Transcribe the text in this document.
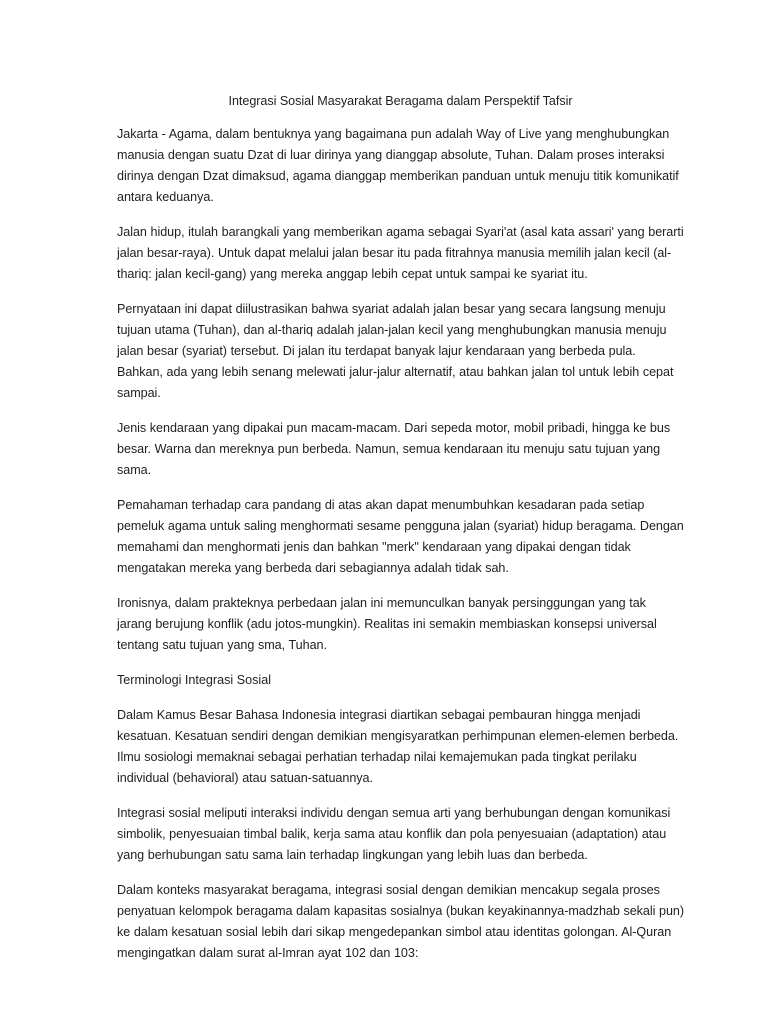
Integrasi Sosial Masyarakat Beragama dalam Perspektif Tafsir

Jakarta - Agama, dalam bentuknya yang bagaimana pun adalah Way of Live yang menghubungkan manusia dengan suatu Dzat di luar dirinya yang dianggap absolute, Tuhan. Dalam proses interaksi dirinya dengan Dzat dimaksud, agama dianggap memberikan panduan untuk menuju titik komunikatif antara keduanya.

Jalan hidup, itulah barangkali yang memberikan agama sebagai Syari'at (asal kata assari' yang berarti jalan besar-raya). Untuk dapat melalui jalan besar itu pada fitrahnya manusia memilih jalan kecil (al-thariq: jalan kecil-gang) yang mereka anggap lebih cepat untuk sampai ke syariat itu.

Pernyataan ini dapat diilustrasikan bahwa syariat adalah jalan besar yang secara langsung menuju tujuan utama (Tuhan), dan al-thariq adalah jalan-jalan kecil yang menghubungkan manusia menuju jalan besar (syariat) tersebut. Di jalan itu terdapat banyak lajur kendaraan yang berbeda pula. Bahkan, ada yang lebih senang melewati jalur-jalur alternatif, atau bahkan jalan tol untuk lebih cepat sampai.

Jenis kendaraan yang dipakai pun macam-macam. Dari sepeda motor, mobil pribadi, hingga ke bus besar. Warna dan mereknya pun berbeda. Namun, semua kendaraan itu menuju satu tujuan yang sama.

Pemahaman terhadap cara pandang di atas akan dapat menumbuhkan kesadaran pada setiap pemeluk agama untuk saling menghormati sesame pengguna jalan (syariat) hidup beragama. Dengan memahami dan menghormati jenis dan bahkan "merk" kendaraan yang dipakai dengan tidak mengatakan mereka yang berbeda dari sebagiannya adalah tidak sah.

Ironisnya, dalam prakteknya perbedaan jalan ini memunculkan banyak persinggungan yang tak jarang berujung konflik (adu jotos-mungkin). Realitas ini semakin membiaskan konsepsi universal tentang satu tujuan yang sma, Tuhan.

Terminologi Integrasi Sosial

Dalam Kamus Besar Bahasa Indonesia integrasi diartikan sebagai pembauran hingga menjadi kesatuan. Kesatuan sendiri dengan demikian mengisyaratkan perhimpunan elemen-elemen berbeda. Ilmu sosiologi memaknai sebagai perhatian terhadap nilai kemajemukan pada tingkat perilaku individual (behavioral) atau satuan-satuannya.

Integrasi sosial meliputi interaksi individu dengan semua arti yang berhubungan dengan komunikasi simbolik, penyesuaian timbal balik, kerja sama atau konflik dan pola penyesuaian (adaptation) atau yang berhubungan satu sama lain terhadap lingkungan yang lebih luas dan berbeda.

Dalam konteks masyarakat beragama, integrasi sosial dengan demikian mencakup segala proses penyatuan kelompok beragama dalam kapasitas sosialnya (bukan keyakinannya-madzhab sekali pun) ke dalam kesatuan sosial lebih dari sikap mengedepankan simbol atau identitas golongan. Al-Quran mengingatkan dalam surat al-Imran ayat 102 dan 103:
